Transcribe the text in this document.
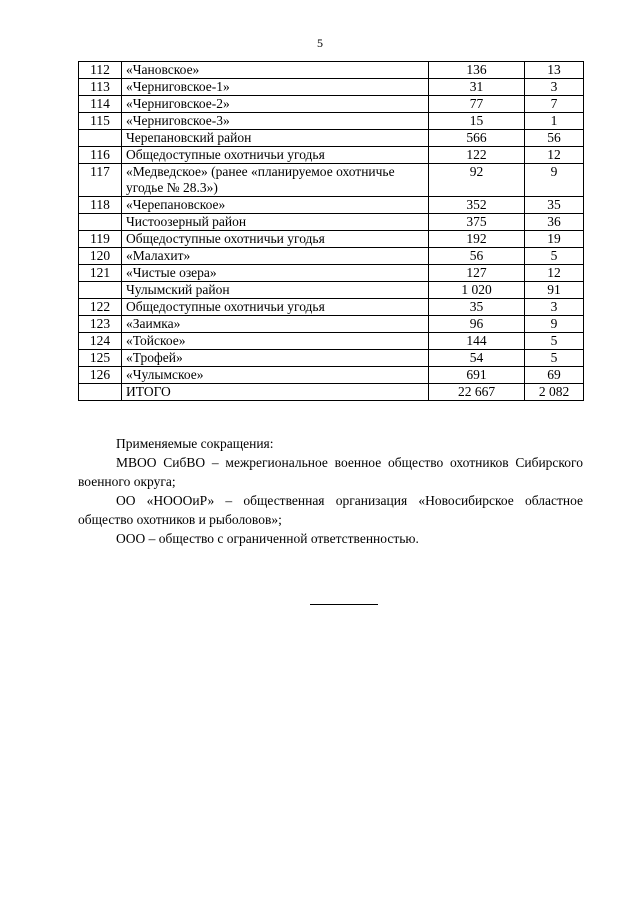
5
112	«Чановское»	136	13
113	«Черниговское-1»	31	3
114	«Черниговское-2»	77	7
115	«Черниговское-3»	15	1
	Черепановский район	566	56
116	Общедоступные охотничьи угодья	122	12
117	«Медведское» (ранее «планируемое охотничье угодье № 28.3»)	92	9
118	«Черепановское»	352	35
	Чистоозерный район	375	36
119	Общедоступные охотничьи угодья	192	19
120	«Малахит»	56	5
121	«Чистые озера»	127	12
	Чулымский район	1 020	91
122	Общедоступные охотничьи угодья	35	3
123	«Заимка»	96	9
124	«Тойское»	144	5
125	«Трофей»	54	5
126	«Чулымское»	691	69
	ИТОГО	22 667	2 082

Применяемые сокращения:

МВОО СибВО – межрегиональное военное общество охотников Сибирского военного округа;

ОО «НОООиР» – общественная организация «Новосибирское областное общество охотников и рыболовов»;

ООО – общество с ограниченной ответственностью.
